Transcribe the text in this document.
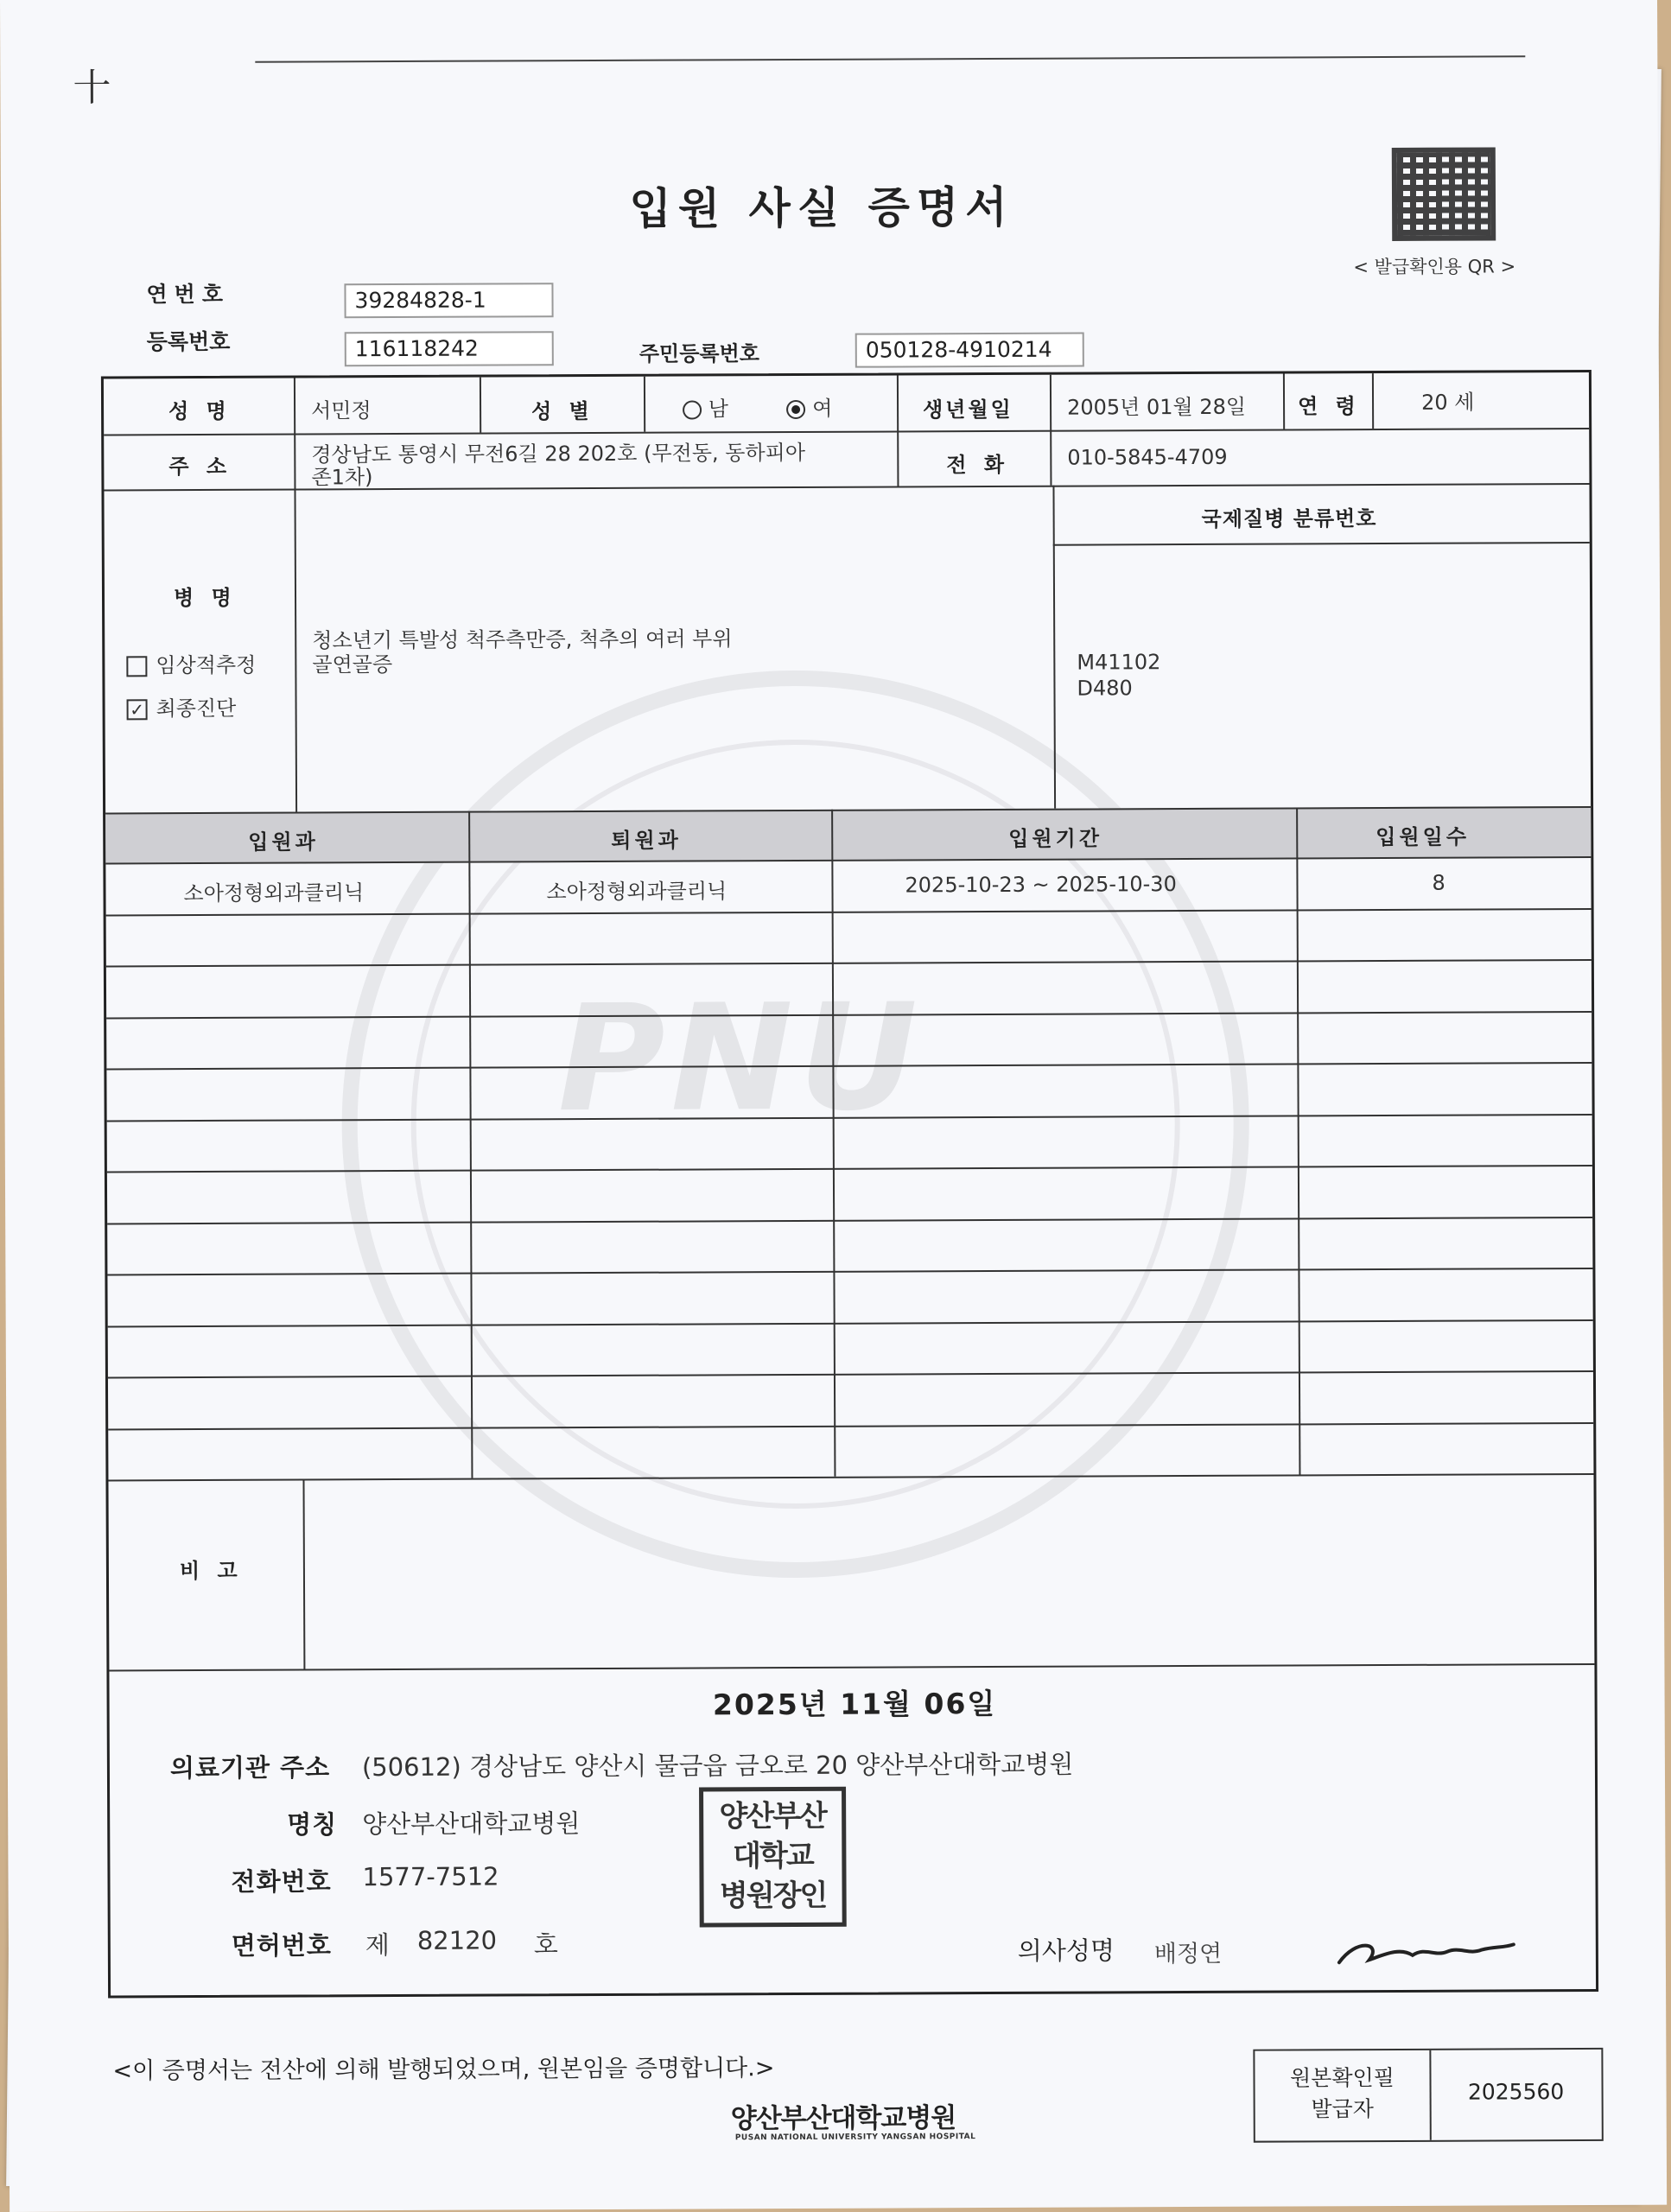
十
입원 사실 증명서
< 발급확인용 QR >
연번호	39284828-1
등록번호	116118242	주민등록번호	050128-4910214
PNU
성 명	서민정	성 별	남	여	생년월일	2005년 01월 28일 연 령	20 세
주 소	경상남도 통영시 무전6길 28 202호 (무전동, 동하피아
존1차)
전 화	010-5845-4709
병 명
임상적추정
✓ 최종진단
청소년기 특발성 척주측만증, 척추의 여러 부위
골연골증
국제질병 분류번호
M41102
D480
입원과	퇴원과	입원기간	입원일수
소아정형외과클리닉	소아정형외과클리닉	2025-10-23 ~ 2025-10-30	8
비 고
2025년 11월 06일
의료기관 주소 (50612) 경상남도 양산시 물금읍 금오로 20 양산부산대학교병원
명칭 양산부산대학교병원
전화번호 1577-7512
면허번호 제 82120 호	의사성명 배정연
양산부산
대학교
병원장인
<이 증명서는 전산에 의해 발행되었으며, 원본임을 증명합니다.>	원본확인필
발급자
2025560
양산부산대학교병원
PUSAN NATIONAL UNIVERSITY YANGSAN HOSPITAL
